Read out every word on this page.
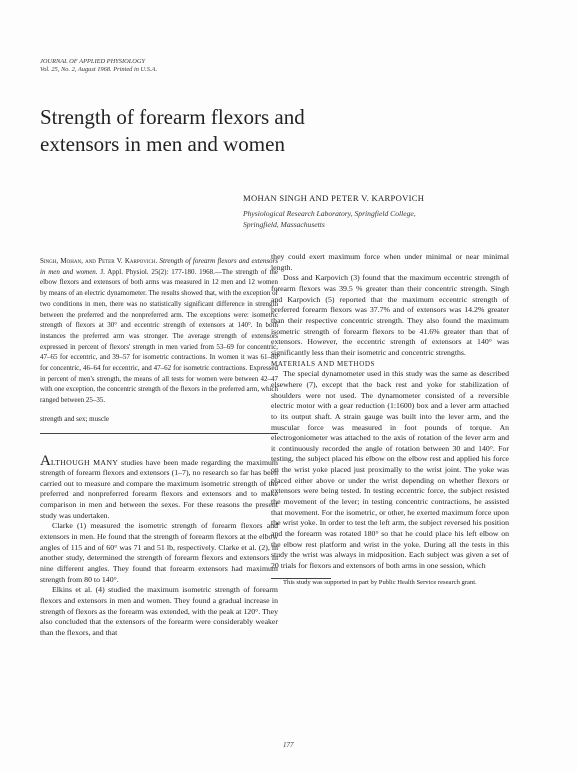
JOURNAL OF APPLIED PHYSIOLOGY
Vol. 25, No. 2, August 1968. Printed in U.S.A.
Strength of forearm flexors and
extensors in men and women
MOHAN SINGH AND PETER V. KARPOVICH
Physiological Research Laboratory, Springfield College,
Springfield, Massachusetts
Singh, Mohan, and Peter V. Karpovich. Strength of forearm flexors and extensors in men and women. J. Appl. Physiol. 25(2): 177-180. 1968.—The strength of the elbow flexors and extensors of both arms was measured in 12 men and 12 women by means of an electric dynamometer. The results showed that, with the exception of two conditions in men, there was no statistically significant difference in strength between the preferred and the nonpreferred arm. The exceptions were: isometric strength of flexors at 30° and eccentric strength of extensors at 140°. In both instances the preferred arm was stronger. The average strength of extensors expressed in percent of flexors' strength in men varied from 53–69 for concentric, 47–65 for eccentric, and 39–57 for isometric contractions. In women it was 61–80 for concentric, 46–64 for eccentric, and 47–62 for isometric contractions. Expressed in percent of men's strength, the means of all tests for women were between 42–47 with one exception, the concentric strength of the flexors in the preferred arm, which ranged between 25–35.
strength and sex; muscle

ALTHOUGH MANY studies have been made regarding the maximum strength of forearm flexors and extensors (1–7), no research so far has been carried out to measure and compare the maximum isometric strength of the preferred and nonpreferred forearm flexors and extensors and to make comparison in men and between the sexes. For these reasons the present study was undertaken.

Clarke (1) measured the isometric strength of forearm flexors and extensors in men. He found that the strength of forearm flexors at the elbow angles of 115 and of 60° was 71 and 51 lb, respectively. Clarke et al. (2), in another study, determined the strength of forearm flexors and extensors in nine different angles. They found that forearm extensors had maximum strength from 80 to 140°.

Elkins et al. (4) studied the maximum isometric strength of forearm flexors and extensors in men and women. They found a gradual increase in strength of flexors as the forearm was extended, with the peak at 120°. They also concluded that the extensors of the forearm were considerably weaker than the flexors, and that

they could exert maximum force when under minimal or near minimal length.

Doss and Karpovich (3) found that the maximum eccentric strength of forearm flexors was 39.5 % greater than their concentric strength. Singh and Karpovich (5) reported that the maximum eccentric strength of preferred forearm flexors was 37.7% and of extensors was 14.2% greater than their respective concentric strength. They also found the maximum isometric strength of forearm flexors to be 41.6% greater than that of extensors. However, the eccentric strength of extensors at 140° was significantly less than their isometric and concentric strengths.

MATERIALS AND METHODS

The special dynamometer used in this study was the same as described elsewhere (7), except that the back rest and yoke for stabilization of shoulders were not used. The dynamometer consisted of a reversible electric motor with a gear reduction (1:1600) box and a lever arm attached to its output shaft. A strain gauge was built into the lever arm, and the muscular force was measured in foot pounds of torque. An electrogoniometer was attached to the axis of rotation of the lever arm and it continuously recorded the angle of rotation between 30 and 140°. For testing, the subject placed his elbow on the elbow rest and applied his force on the wrist yoke placed just proximally to the wrist joint. The yoke was placed either above or under the wrist depending on whether flexors or extensors were being tested. In testing eccentric force, the subject resisted the movement of the lever; in testing concentric contractions, he assisted that movement. For the isometric, or other, he exerted maximum force upon the wrist yoke. In order to test the left arm, the subject reversed his position and the forearm was rotated 180° so that he could place his left elbow on the elbow rest platform and wrist in the yoke. During all the tests in this study the wrist was always in midposition. Each subject was given a set of 20 trials for flexors and extensors of both arms in one session, which

This study was supported in part by Public Health Service research grant.

177
